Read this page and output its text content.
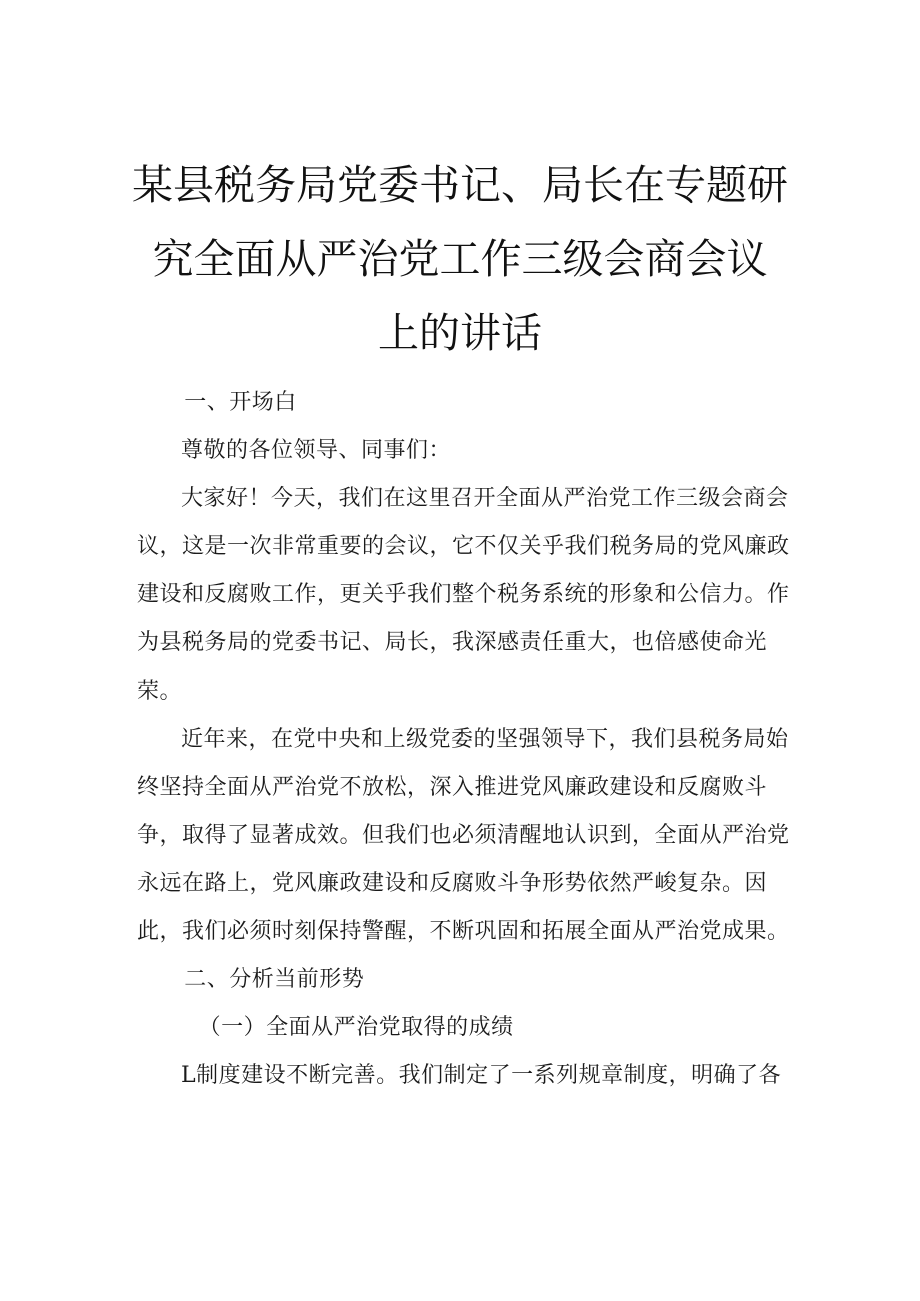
某县税务局党委书记、局长在专题研
究全面从严治党工作三级会商会议
上的讲话

一、开场白

尊敬的各位领导、同事们：

大家好！今天，我们在这里召开全面从严治党工作三级会商会议，这是一次非常重要的会议，它不仅关乎我们税务局的党风廉政建设和反腐败工作，更关乎我们整个税务系统的形象和公信力。作为县税务局的党委书记、局长，我深感责任重大，也倍感使命光荣。

近年来，在党中央和上级党委的坚强领导下，我们县税务局始终坚持全面从严治党不放松，深入推进党风廉政建设和反腐败斗争，取得了显著成效。但我们也必须清醒地认识到，全面从严治党永远在路上，党风廉政建设和反腐败斗争形势依然严峻复杂。因此，我们必须时刻保持警醒，不断巩固和拓展全面从严治党成果。

二、分析当前形势

（一）全面从严治党取得的成绩

L制度建设不断完善。我们制定了一系列规章制度，明确了各
